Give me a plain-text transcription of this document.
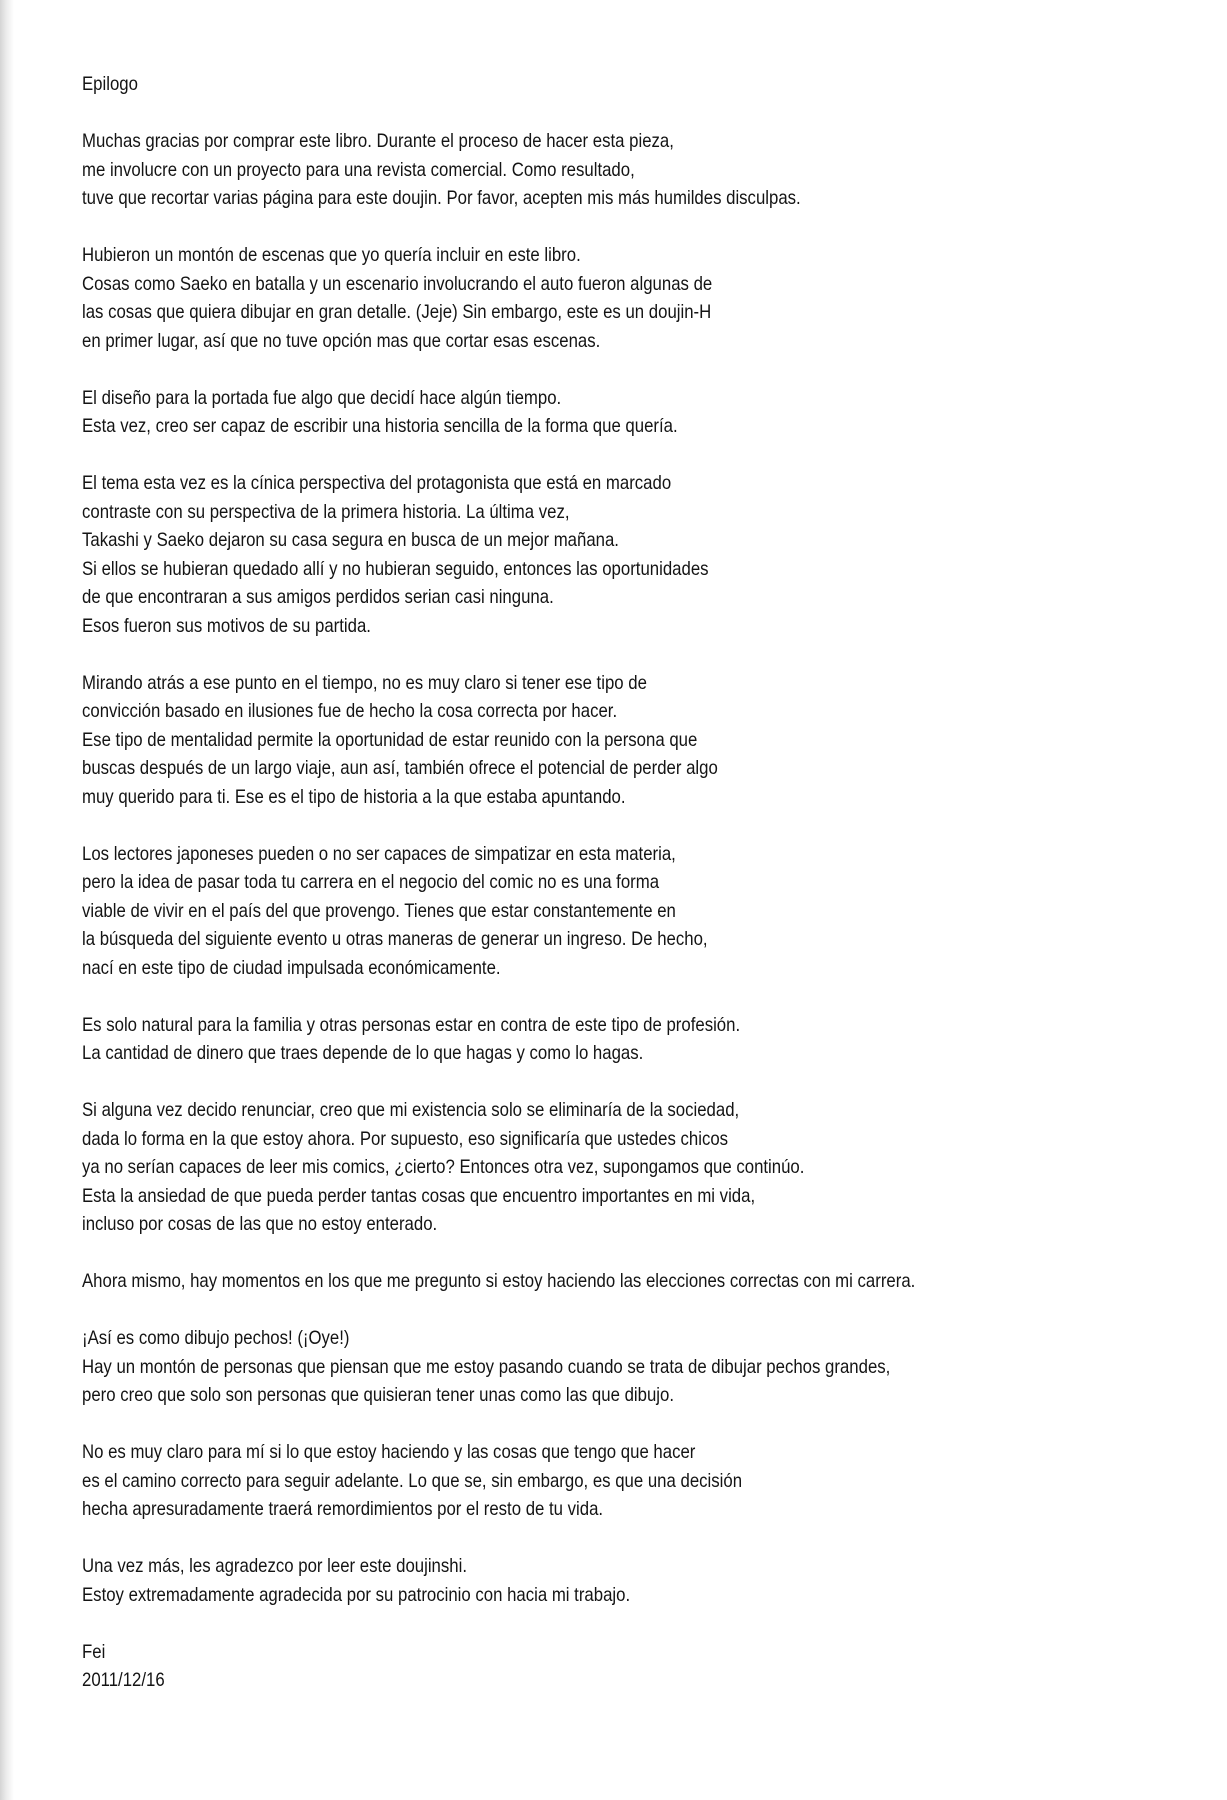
Epilogo
Muchas gracias por comprar este libro. Durante el proceso de hacer esta pieza,
me involucre con un proyecto para una revista comercial. Como resultado,
tuve que recortar varias página para este doujin. Por favor, acepten mis más humildes disculpas.
Hubieron un montón de escenas que yo quería incluir en este libro.
Cosas como Saeko en batalla y un escenario involucrando el auto fueron algunas de
las cosas que quiera dibujar en gran detalle. (Jeje) Sin embargo, este es un doujin-H
en primer lugar, así que no tuve opción mas que cortar esas escenas.
El diseño para la portada fue algo que decidí hace algún tiempo.
Esta vez, creo ser capaz de escribir una historia sencilla de la forma que quería.
El tema esta vez es la cínica perspectiva del protagonista que está en marcado
contraste con su perspectiva de la primera historia. La última vez,
Takashi y Saeko dejaron su casa segura en busca de un mejor mañana.
Si ellos se hubieran quedado allí y no hubieran seguido, entonces las oportunidades
de que encontraran a sus amigos perdidos serian casi ninguna.
Esos fueron sus motivos de su partida.
Mirando atrás a ese punto en el tiempo, no es muy claro si tener ese tipo de
convicción basado en ilusiones fue de hecho la cosa correcta por hacer.
Ese tipo de mentalidad permite la oportunidad de estar reunido con la persona que
buscas después de un largo viaje, aun así, también ofrece el potencial de perder algo
muy querido para ti. Ese es el tipo de historia a la que estaba apuntando.
Los lectores japoneses pueden o no ser capaces de simpatizar en esta materia,
pero la idea de pasar toda tu carrera en el negocio del comic no es una forma
viable de vivir en el país del que provengo. Tienes que estar constantemente en
la búsqueda del siguiente evento u otras maneras de generar un ingreso. De hecho,
nací en este tipo de ciudad impulsada económicamente.
Es solo natural para la familia y otras personas estar en contra de este tipo de profesión.
La cantidad de dinero que traes depende de lo que hagas y como lo hagas.
Si alguna vez decido renunciar, creo que mi existencia solo se eliminaría de la sociedad,
dada lo forma en la que estoy ahora. Por supuesto, eso significaría que ustedes chicos
ya no serían capaces de leer mis comics, ¿cierto? Entonces otra vez, supongamos que continúo.
Esta la ansiedad de que pueda perder tantas cosas que encuentro importantes en mi vida,
incluso por cosas de las que no estoy enterado.
Ahora mismo, hay momentos en los que me pregunto si estoy haciendo las elecciones correctas con mi carrera.
¡Así es como dibujo pechos! (¡Oye!)
Hay un montón de personas que piensan que me estoy pasando cuando se trata de dibujar pechos grandes,
pero creo que solo son personas que quisieran tener unas como las que dibujo.
No es muy claro para mí si lo que estoy haciendo y las cosas que tengo que hacer
es el camino correcto para seguir adelante. Lo que se, sin embargo, es que una decisión
hecha apresuradamente traerá remordimientos por el resto de tu vida.
Una vez más, les agradezco por leer este doujinshi.
Estoy extremadamente agradecida por su patrocinio con hacia mi trabajo.
Fei
2011/12/16
